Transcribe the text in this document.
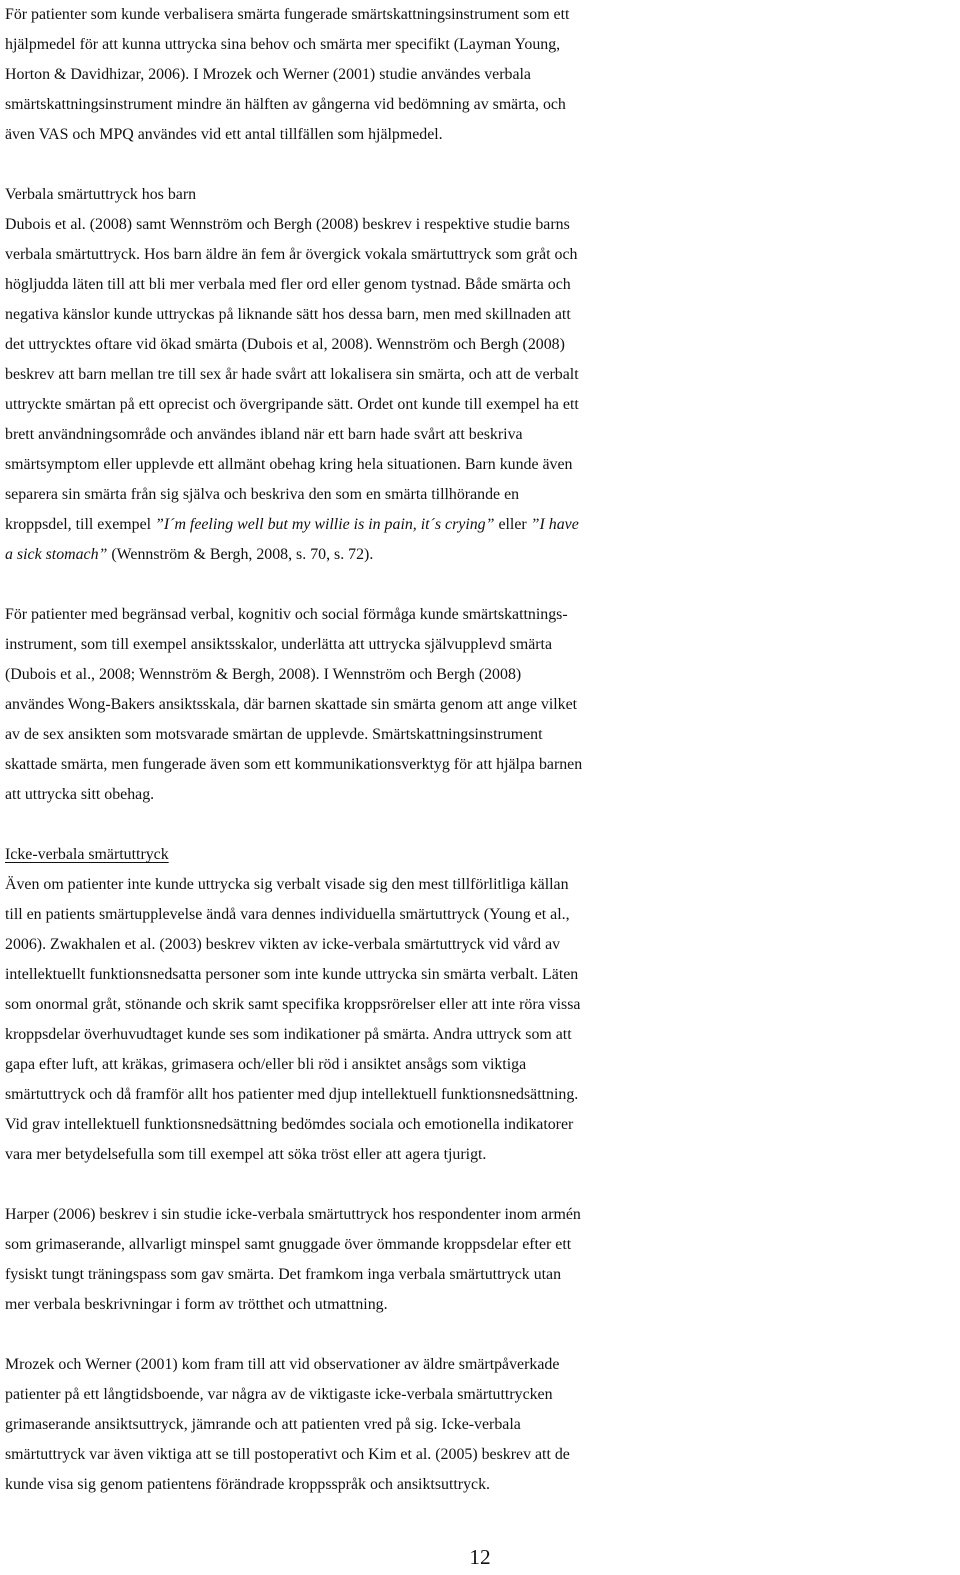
För patienter som kunde verbalisera smärta fungerade smärtskattningsinstrument som ett
hjälpmedel för att kunna uttrycka sina behov och smärta mer specifikt (Layman Young,
Horton & Davidhizar, 2006). I Mrozek och Werner (2001) studie användes verbala
smärtskattningsinstrument mindre än hälften av gångerna vid bedömning av smärta, och
även VAS och MPQ användes vid ett antal tillfällen som hjälpmedel.
Verbala smärtuttryck hos barn
Dubois et al. (2008) samt Wennström och Bergh (2008) beskrev i respektive studie barns
verbala smärtuttryck. Hos barn äldre än fem år övergick vokala smärtuttryck som gråt och
högljudda läten till att bli mer verbala med fler ord eller genom tystnad. Både smärta och
negativa känslor kunde uttryckas på liknande sätt hos dessa barn, men med skillnaden att
det uttrycktes oftare vid ökad smärta (Dubois et al, 2008). Wennström och Bergh (2008)
beskrev att barn mellan tre till sex år hade svårt att lokalisera sin smärta, och att de verbalt
uttryckte smärtan på ett oprecist och övergripande sätt. Ordet ont kunde till exempel ha ett
brett användningsområde och användes ibland när ett barn hade svårt att beskriva
smärtsymptom eller upplevde ett allmänt obehag kring hela situationen. Barn kunde även
separera sin smärta från sig själva och beskriva den som en smärta tillhörande en
kroppsdel, till exempel ”I´m feeling well but my willie is in pain, it´s crying” eller ”I have
a sick stomach” (Wennström & Bergh, 2008, s. 70, s. 72).
För patienter med begränsad verbal, kognitiv och social förmåga kunde smärtskattnings-
instrument, som till exempel ansiktsskalor, underlätta att uttrycka självupplevd smärta
(Dubois et al., 2008; Wennström & Bergh, 2008). I Wennström och Bergh (2008)
användes Wong-Bakers ansiktsskala, där barnen skattade sin smärta genom att ange vilket
av de sex ansikten som motsvarade smärtan de upplevde. Smärtskattningsinstrument
skattade smärta, men fungerade även som ett kommunikationsverktyg för att hjälpa barnen
att uttrycka sitt obehag.
Icke-verbala smärtuttryck
Även om patienter inte kunde uttrycka sig verbalt visade sig den mest tillförlitliga källan
till en patients smärtupplevelse ändå vara dennes individuella smärtuttryck (Young et al.,
2006). Zwakhalen et al. (2003) beskrev vikten av icke-verbala smärtuttryck vid vård av
intellektuellt funktionsnedsatta personer som inte kunde uttrycka sin smärta verbalt. Läten
som onormal gråt, stönande och skrik samt specifika kroppsrörelser eller att inte röra vissa
kroppsdelar överhuvudtaget kunde ses som indikationer på smärta. Andra uttryck som att
gapa efter luft, att kräkas, grimasera och/eller bli röd i ansiktet ansågs som viktiga
smärtuttryck och då framför allt hos patienter med djup intellektuell funktionsnedsättning.
Vid grav intellektuell funktionsnedsättning bedömdes sociala och emotionella indikatorer
vara mer betydelsefulla som till exempel att söka tröst eller att agera tjurigt.
Harper (2006) beskrev i sin studie icke-verbala smärtuttryck hos respondenter inom armén
som grimaserande, allvarligt minspel samt gnuggade över ömmande kroppsdelar efter ett
fysiskt tungt träningspass som gav smärta. Det framkom inga verbala smärtuttryck utan
mer verbala beskrivningar i form av trötthet och utmattning.
Mrozek och Werner (2001) kom fram till att vid observationer av äldre smärtpåverkade
patienter på ett långtidsboende, var några av de viktigaste icke-verbala smärtuttrycken
grimaserande ansiktsuttryck, jämrande och att patienten vred på sig. Icke-verbala
smärtuttryck var även viktiga att se till postoperativt och Kim et al. (2005) beskrev att de
kunde visa sig genom patientens förändrade kroppsspråk och ansiktsuttryck.
12
